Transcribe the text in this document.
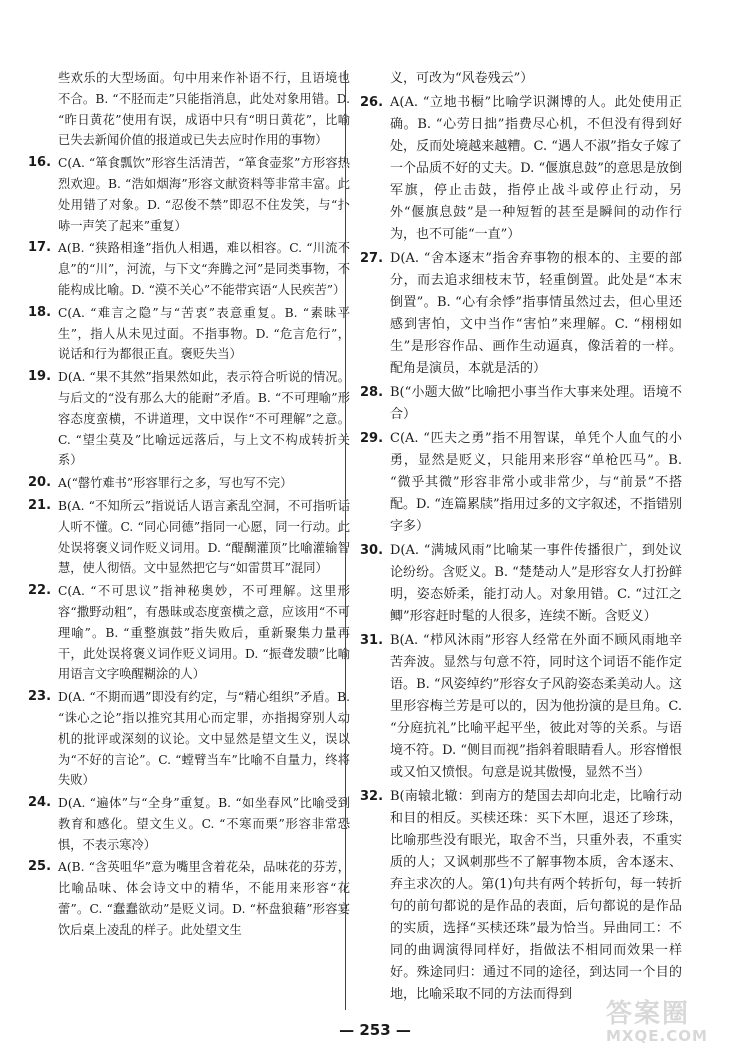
些欢乐的大型场面。句中用来作补语不行，且语境也不合。B. “不胫而走”只能指消息，此处对象用错。D. “昨日黄花”使用有误，成语中只有“明日黄花”，比喻已失去新闻价值的报道或已失去应时作用的事物）
16. C(A. “箪食瓢饮”形容生活清苦，“箪食壶浆”方形容热烈欢迎。B. “浩如烟海”形容文献资料等非常丰富。此处用错了对象。D. “忍俊不禁”即忍不住发笑，与“扑哧一声笑了起来”重复）
17. A(B. “狭路相逢”指仇人相遇，难以相容。C. “川流不息”的“川”，河流，与下文“奔腾之河”是同类事物，不能构成比喻。D. “漠不关心”不能带宾语“人民疾苦”）
18. C(A. “难言之隐”与“苦衷”表意重复。B. “素昧平生”，指人从未见过面。不指事物。D. “危言危行”，说话和行为都很正直。褒贬失当）
19. D(A. “果不其然”指果然如此，表示符合听说的情况。与后文的“没有那么大的能耐”矛盾。B. “不可理喻”形容态度蛮横，不讲道理，文中误作“不可理解”之意。C. “望尘莫及”比喻远远落后，与上文不构成转折关系）
20. A(“罄竹难书”形容罪行之多，写也写不完）
21. B(A. “不知所云”指说话人语言紊乱空洞，不可指听话人听不懂。C. “同心同德”指同一心愿，同一行动。此处误将褒义词作贬义词用。D. “醍醐灌顶”比喻灌输智慧，使人彻悟。文中显然把它与“如雷贯耳”混同）
22. C(A. “不可思议”指神秘奥妙，不可理解。这里形容“撒野动粗”，有愚昧或态度蛮横之意，应该用“不可理喻”。B. “重整旗鼓”指失败后，重新聚集力量再干，此处误将褒义词作贬义词用。D. “振聋发聩”比喻用语言文字唤醒糊涂的人）
23. D(A. “不期而遇”即没有约定，与“精心组织”矛盾。B. “诛心之论”指以推究其用心而定罪，亦指揭穿别人动机的批评或深刻的议论。文中显然是望文生义，误以为“不好的言论”。C. “螳臂当车”比喻不自量力，终将失败）
24. D(A. “遍体”与“全身”重复。B. “如坐春风”比喻受到教育和感化。望文生义。C. “不寒而栗”形容非常恐惧，不表示寒冷）
25. A(B. “含英咀华”意为嘴里含着花朵，品味花的芬芳，比喻品味、体会诗文中的精华，不能用来形容“花蕾”。C. “蠢蠢欲动”是贬义词。D. “杯盘狼藉”形容宴饮后桌上凌乱的样子。此处望文生
义，可改为“风卷残云”）
26. A(A. “立地书橱”比喻学识渊博的人。此处使用正确。B. “心劳日拙”指费尽心机，不但没有得到好处，反而处境越来越糟。C. “遇人不淑”指女子嫁了一个品质不好的丈夫。D. “偃旗息鼓”的意思是放倒军旗，停止击鼓，指停止战斗或停止行动，另外“偃旗息鼓”是一种短暂的甚至是瞬间的动作行为，也不可能“一直”）
27. D(A. “舍本逐末”指舍弃事物的根本的、主要的部分，而去追求细枝末节，轻重倒置。此处是“本末倒置”。B. “心有余悸”指事情虽然过去，但心里还感到害怕，文中当作“害怕”来理解。C. “栩栩如生”是形容作品、画作生动逼真，像活着的一样。配角是演员，本就是活的）
28. B(“小题大做”比喻把小事当作大事来处理。语境不合）
29. C(A. “匹夫之勇”指不用智谋，单凭个人血气的小勇，显然是贬义，只能用来形容“单枪匹马”。B. “微乎其微”形容非常小或非常少，与“前景”不搭配。D. “连篇累牍”指用过多的文字叙述，不指错别字多）
30. D(A. “满城风雨”比喻某一事件传播很广，到处议论纷纷。含贬义。B. “楚楚动人”是形容女人打扮鲜明，姿态娇柔，能打动人。对象用错。C. “过江之鲫”形容赶时髦的人很多，连续不断。含贬义）
31. B(A. “栉风沐雨”形容人经常在外面不顾风雨地辛苦奔波。显然与句意不符，同时这个词语不能作定语。B. “风姿绰约”形容女子风韵姿态柔美动人。这里形容梅兰芳是可以的，因为他扮演的是旦角。C. “分庭抗礼”比喻平起平坐，彼此对等的关系。与语境不符。D. “侧目而视”指斜着眼睛看人。形容憎恨或又怕又愤恨。句意是说其傲慢，显然不当）
32. B(南辕北辙：到南方的楚国去却向北走，比喻行动和目的相反。买椟还珠：买下木匣，退还了珍珠，比喻那些没有眼光，取舍不当，只重外表，不重实质的人；又讽刺那些不了解事物本质，舍本逐末、弃主求次的人。第(1)句共有两个转折句，每一转折句的前句都说的是作品的表面，后句都说的是作品的实质，选择“买椟还珠”最为恰当。异曲同工：不同的曲调演得同样好，指做法不相同而效果一样好。殊途同归：通过不同的途径，到达同一个目的地，比喻采取不同的方法而得到
— 253 —
答案圈
MXQE.COM
